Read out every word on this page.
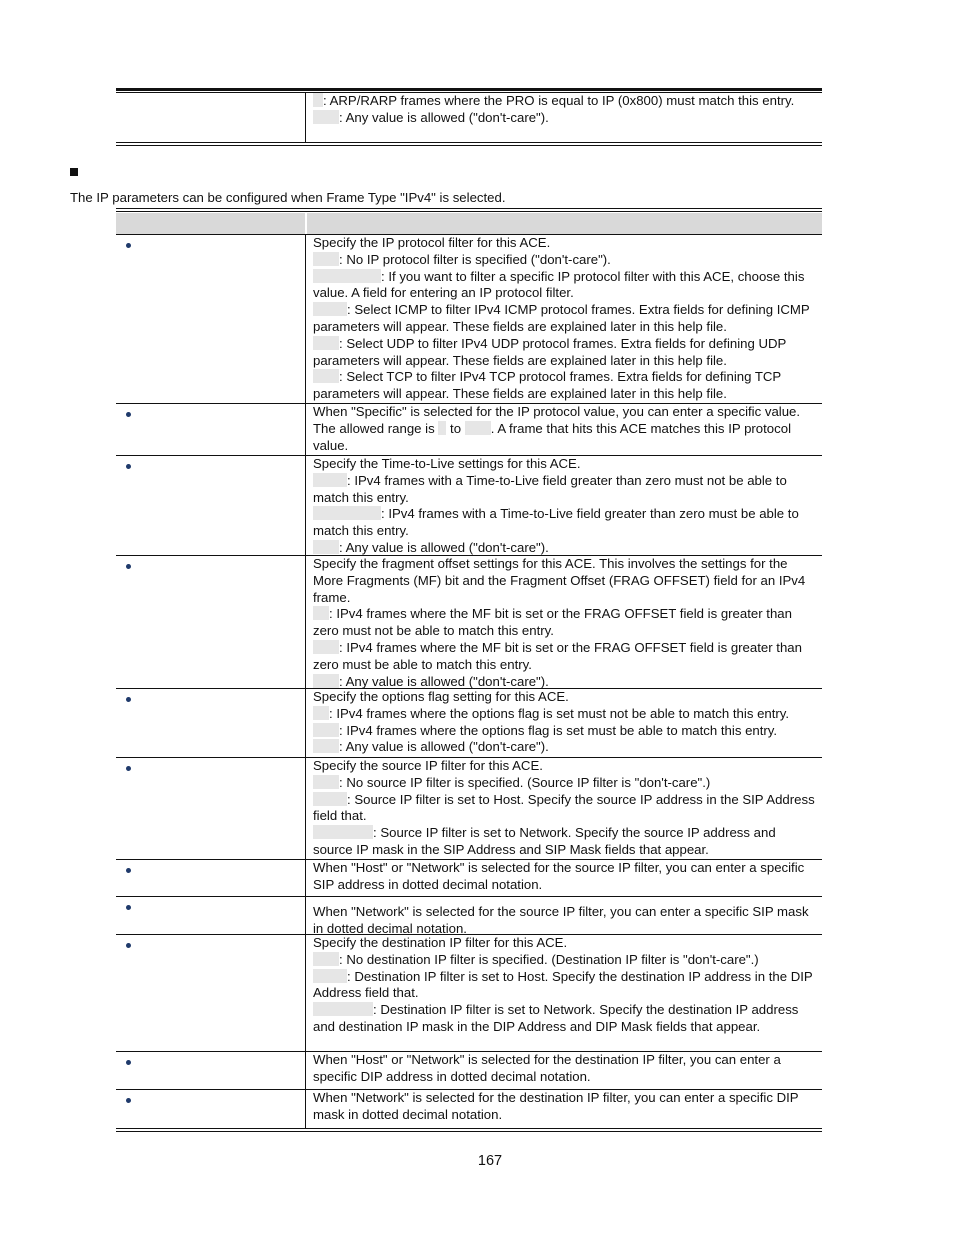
: ARP/RARP frames where the PRO is equal to IP (0x800) must match this entry.

: Any value is allowed ("don't-care").

The IP parameters can be configured when Frame Type "IPv4" is selected.

Specify the IP protocol filter for this ACE.

: No IP protocol filter is specified ("don't-care").

: If you want to filter a specific IP protocol filter with this ACE, choose this value. A field for entering an IP protocol filter.

: Select ICMP to filter IPv4 ICMP protocol frames. Extra fields for defining ICMP parameters will appear. These fields are explained later in this help file.

: Select UDP to filter IPv4 UDP protocol frames. Extra fields for defining UDP parameters will appear. These fields are explained later in this help file.

: Select TCP to filter IPv4 TCP protocol frames. Extra fields for defining TCP parameters will appear. These fields are explained later in this help file.

When "Specific" is selected for the IP protocol value, you can enter a specific value. The allowed range is to . A frame that hits this ACE matches this IP protocol value.

Specify the Time-to-Live settings for this ACE.

: IPv4 frames with a Time-to-Live field greater than zero must not be able to match this entry.

: IPv4 frames with a Time-to-Live field greater than zero must be able to match this entry.

: Any value is allowed ("don't-care").

Specify the fragment offset settings for this ACE. This involves the settings for the More Fragments (MF) bit and the Fragment Offset (FRAG OFFSET) field for an IPv4 frame.

: IPv4 frames where the MF bit is set or the FRAG OFFSET field is greater than zero must not be able to match this entry.

: IPv4 frames where the MF bit is set or the FRAG OFFSET field is greater than zero must be able to match this entry.

: Any value is allowed ("don't-care").

Specify the options flag setting for this ACE.

: IPv4 frames where the options flag is set must not be able to match this entry.

: IPv4 frames where the options flag is set must be able to match this entry.

: Any value is allowed ("don't-care").

Specify the source IP filter for this ACE.

: No source IP filter is specified. (Source IP filter is "don't-care".)

: Source IP filter is set to Host. Specify the source IP address in the SIP Address field that.

: Source IP filter is set to Network. Specify the source IP address and source IP mask in the SIP Address and SIP Mask fields that appear.

When "Host" or "Network" is selected for the source IP filter, you can enter a specific SIP address in dotted decimal notation.

When "Network" is selected for the source IP filter, you can enter a specific SIP mask in dotted decimal notation.

Specify the destination IP filter for this ACE.

: No destination IP filter is specified. (Destination IP filter is "don't-care".)

: Destination IP filter is set to Host. Specify the destination IP address in the DIP Address field that.

: Destination IP filter is set to Network. Specify the destination IP address and destination IP mask in the DIP Address and DIP Mask fields that appear.

When "Host" or "Network" is selected for the destination IP filter, you can enter a specific DIP address in dotted decimal notation.

When "Network" is selected for the destination IP filter, you can enter a specific DIP mask in dotted decimal notation.

167
